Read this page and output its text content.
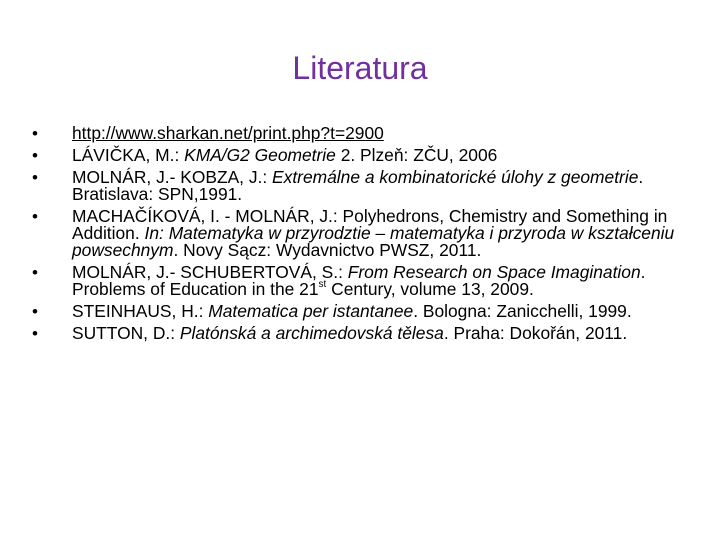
Literatura
• http://www.sharkan.net/print.php?t=2900
• LÁVIČKA, M.: KMA/G2 Geometrie 2. Plzeň: ZČU, 2006
• MOLNÁR, J.- KOBZA, J.: Extremálne a kombinatorické úlohy z geometrie. Bratislava: SPN,1991.
• MACHAČÍKOVÁ, I. - MOLNÁR, J.: Polyhedrons, Chemistry and Something in Addition. In: Matematyka w przyrodztie – matematyka i przyroda w kształceniu powsechnym. Novy Sącz: Wydavnictvo PWSZ, 2011.
• MOLNÁR, J.- SCHUBERTOVÁ, S.: From Research on Space Imagination. Problems of Education in the 21st Century, volume 13, 2009.
• STEINHAUS, H.: Matematica per istantanee. Bologna: Zanicchelli, 1999.
• SUTTON, D.: Platónská a archimedovská tělesa. Praha: Dokořán, 2011.
